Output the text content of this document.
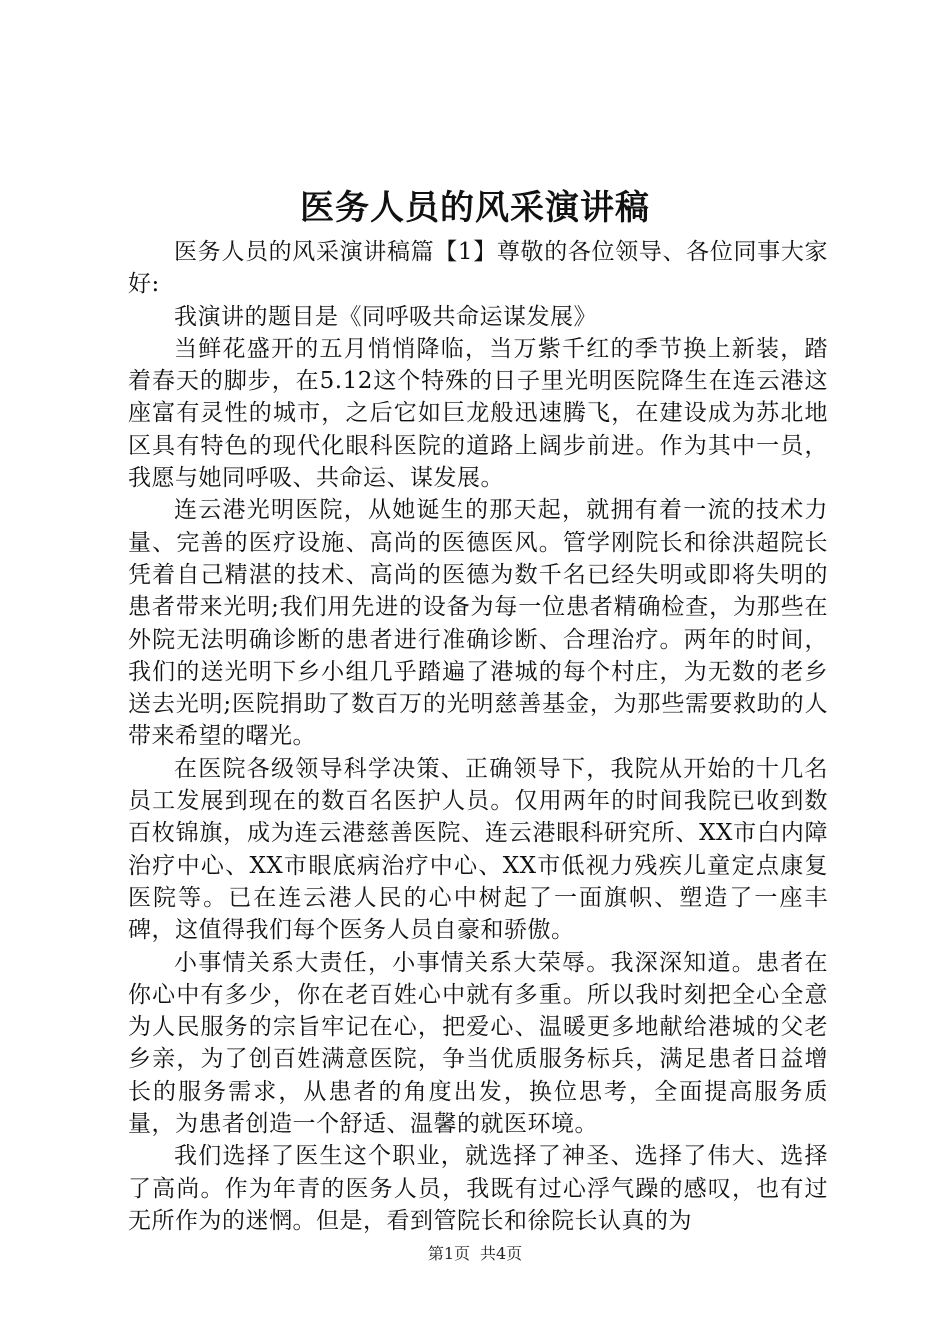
医务人员的风采演讲稿

医务人员的风采演讲稿篇【1】尊敬的各位领导、各位同事大家好:

我演讲的题目是《同呼吸共命运谋发展》

当鲜花盛开的五月悄悄降临，当万紫千红的季节换上新装，踏着春天的脚步，在5.12这个特殊的日子里光明医院降生在连云港这座富有灵性的城市，之后它如巨龙般迅速腾飞，在建设成为苏北地区具有特色的现代化眼科医院的道路上阔步前进。作为其中一员，我愿与她同呼吸、共命运、谋发展。

连云港光明医院，从她诞生的那天起，就拥有着一流的技术力量、完善的医疗设施、高尚的医德医风。管学刚院长和徐洪超院长凭着自己精湛的技术、高尚的医德为数千名已经失明或即将失明的患者带来光明;我们用先进的设备为每一位患者精确检查，为那些在外院无法明确诊断的患者进行准确诊断、合理治疗。两年的时间，我们的送光明下乡小组几乎踏遍了港城的每个村庄，为无数的老乡送去光明;医院捐助了数百万的光明慈善基金，为那些需要救助的人带来希望的曙光。

在医院各级领导科学决策、正确领导下，我院从开始的十几名员工发展到现在的数百名医护人员。仅用两年的时间我院已收到数百枚锦旗，成为连云港慈善医院、连云港眼科研究所、XX市白内障治疗中心、XX市眼底病治疗中心、XX市低视力残疾儿童定点康复医院等。已在连云港人民的心中树起了一面旗帜、塑造了一座丰碑，这值得我们每个医务人员自豪和骄傲。

小事情关系大责任，小事情关系大荣辱。我深深知道。患者在你心中有多少，你在老百姓心中就有多重。所以我时刻把全心全意为人民服务的宗旨牢记在心，把爱心、温暖更多地献给港城的父老乡亲，为了创百姓满意医院，争当优质服务标兵，满足患者日益增长的服务需求，从患者的角度出发，换位思考，全面提高服务质量，为患者创造一个舒适、温馨的就医环境。

我们选择了医生这个职业，就选择了神圣、选择了伟大、选择了高尚。作为年青的医务人员，我既有过心浮气躁的感叹，也有过无所作为的迷惘。但是，看到管院长和徐院长认真的为

第1页 共4页
